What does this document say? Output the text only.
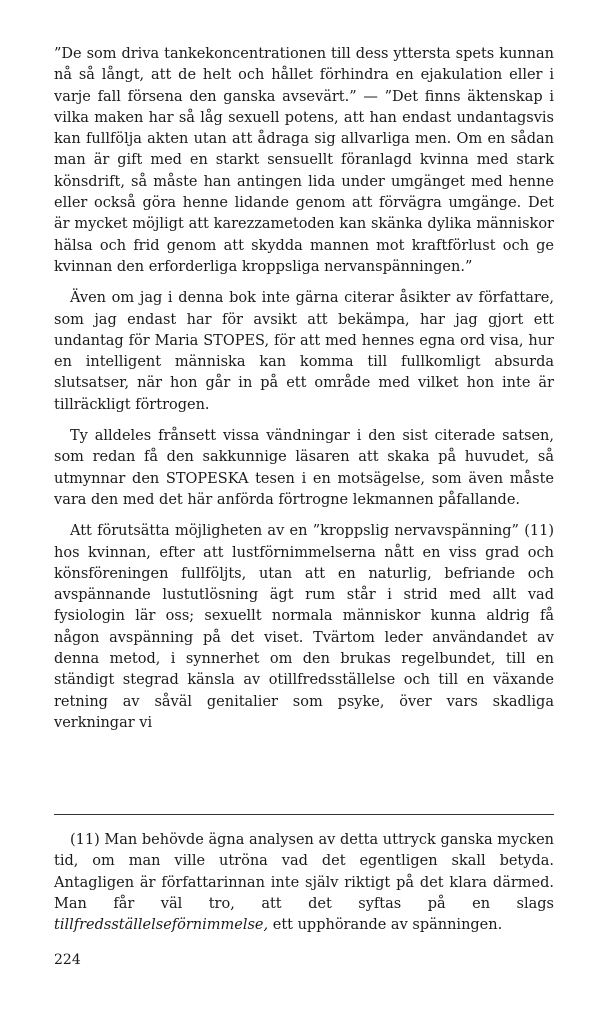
”De som driva tankekoncentrationen till dess yttersta spets kunnan nå så långt, att de helt och hållet förhindra en ejakulation eller i varje fall försena den ganska avsevärt.” — ”Det finns äktenskap i vilka maken har så låg sexuell potens, att han endast undantagsvis kan fullfölja akten utan att ådraga sig allvarliga men. Om en sådan man är gift med en starkt sensuellt föranlagd kvinna med stark könsdrift, så måste han antingen lida under umgänget med henne eller också göra henne lidande genom att förvägra umgänge. Det är mycket möjligt att karezzametoden kan skänka dylika människor hälsa och frid genom att skydda mannen mot kraftförlust och ge kvinnan den erforderliga kroppsliga nervanspänningen.”

Även om jag i denna bok inte gärna citerar åsikter av författare, som jag endast har för avsikt att bekämpa, har jag gjort ett undantag för Maria STOPES, för att med hennes egna ord visa, hur en intelligent människa kan komma till fullkomligt absurda slutsatser, när hon går in på ett område med vilket hon inte är tillräckligt förtrogen.

Ty alldeles frånsett vissa vändningar i den sist citerade satsen, som redan få den sakkunnige läsaren att skaka på huvudet, så utmynnar den STOPESKA tesen i en motsägelse, som även måste vara den med det här anförda förtrogne lekmannen påfallande.

Att förutsätta möjligheten av en ”kroppslig nervavspänning” (11) hos kvinnan, efter att lustförnimmelserna nått en viss grad och könsföreningen fullföljts, utan att en naturlig, befriande och avspännande lustutlösning ägt rum står i strid med allt vad fysiologin lär oss; sexuellt normala människor kunna aldrig få någon avspänning på det viset. Tvärtom leder användandet av denna metod, i synnerhet om den brukas regelbundet, till en ständigt stegrad känsla av otillfredsställelse och till en växande retning av såväl genitalier som psyke, över vars skadliga verkningar vi

(11) Man behövde ägna analysen av detta uttryck ganska mycken tid, om man ville utröna vad det egentligen skall betyda. Antagligen är författarinnan inte själv riktigt på det klara därmed. Man får väl tro, att det syftas på en slags tillfredsställelseförnimmelse, ett upphörande av spänningen.

224
